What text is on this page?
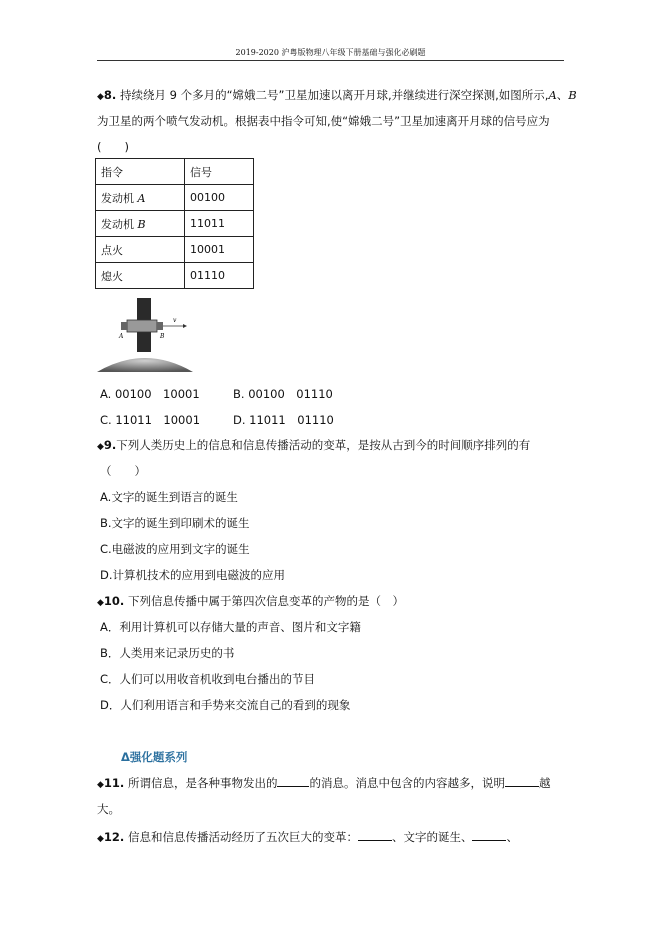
2019-2020 沪粤版物理八年级下册基础与强化必刷题
◆8. 持续绕月 9 个多月的“嫦娥二号”卫星加速以离开月球,并继续进行深空探测,如图所示,A、B
为卫星的两个喷气发动机。根据表中指令可知,使“嫦娥二号”卫星加速离开月球的信号应为
(　　)
指令	信号
发动机 A	00100
发动机 B	11011
点火	10001
熄火	01110
v
A	B
A. 00100　10001	B. 00100　01110
C. 11011　10001	D. 11011　01110
◆9.下列人类历史上的信息和信息传播活动的变革，是按从古到今的时间顺序排列的有
（　　）
A.文字的诞生到语言的诞生
B.文字的诞生到印刷术的诞生
C.电磁波的应用到文字的诞生
D.计算机技术的应用到电磁波的应用
◆10. 下列信息传播中属于第四次信息变革的产物的是（　）
A．利用计算机可以存储大量的声音、图片和文字籍
B．人类用来记录历史的书
C．人们可以用收音机收到电台播出的节目
D．人们利用语言和手势来交流自己的看到的现象
Δ强化题系列
◆11. 所谓信息，是各种事物发出的	的消息。消息中包含的内容越多，说明	越
大。
◆12. 信息和信息传播活动经历了五次巨大的变革：	、文字的诞生、	、
